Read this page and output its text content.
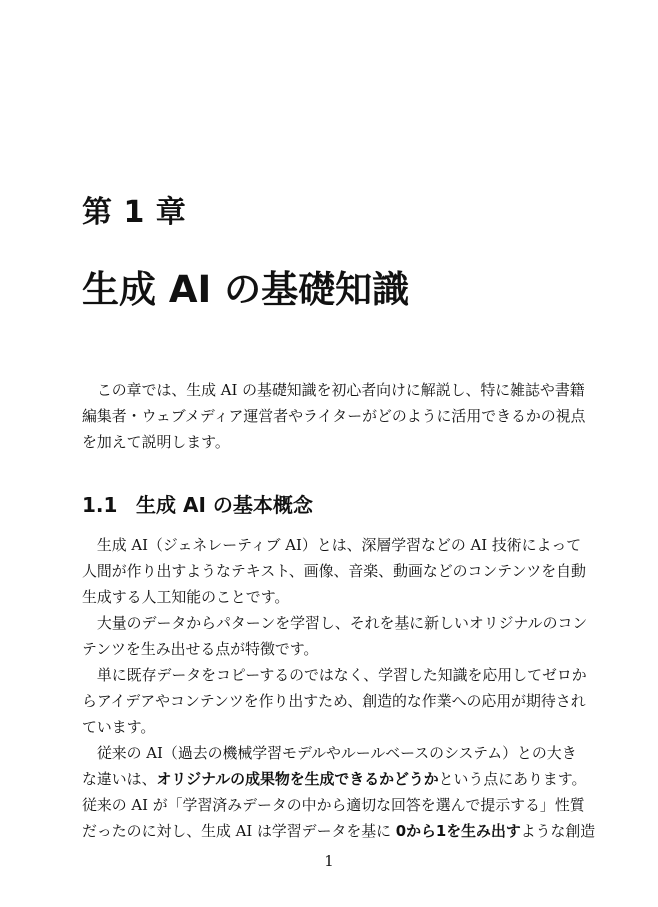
第 1 章
生成 AI の基礎知識
　この章では、生成 AI の基礎知識を初心者向けに解説し、特に雑誌や書籍
編集者・ウェブメディア運営者やライターがどのように活用できるかの視点
を加えて説明します。
1.1 生成 AI の基本概念
　生成 AI（ジェネレーティブ AI）とは、深層学習などの AI 技術によって
人間が作り出すようなテキスト、画像、音楽、動画などのコンテンツを自動
生成する人工知能のことです。
　大量のデータからパターンを学習し、それを基に新しいオリジナルのコン
テンツを生み出せる点が特徴です。
　単に既存データをコピーするのではなく、学習した知識を応用してゼロか
らアイデアやコンテンツを作り出すため、創造的な作業への応用が期待され
ています。
　従来の AI（過去の機械学習モデルやルールベースのシステム）との大き
な違いは、オリジナルの成果物を生成できるかどうかという点にあります。
従来の AI が「学習済みデータの中から適切な回答を選んで提示する」性質
だったのに対し、生成 AI は学習データを基に 0から1を生み出すような創造
1
